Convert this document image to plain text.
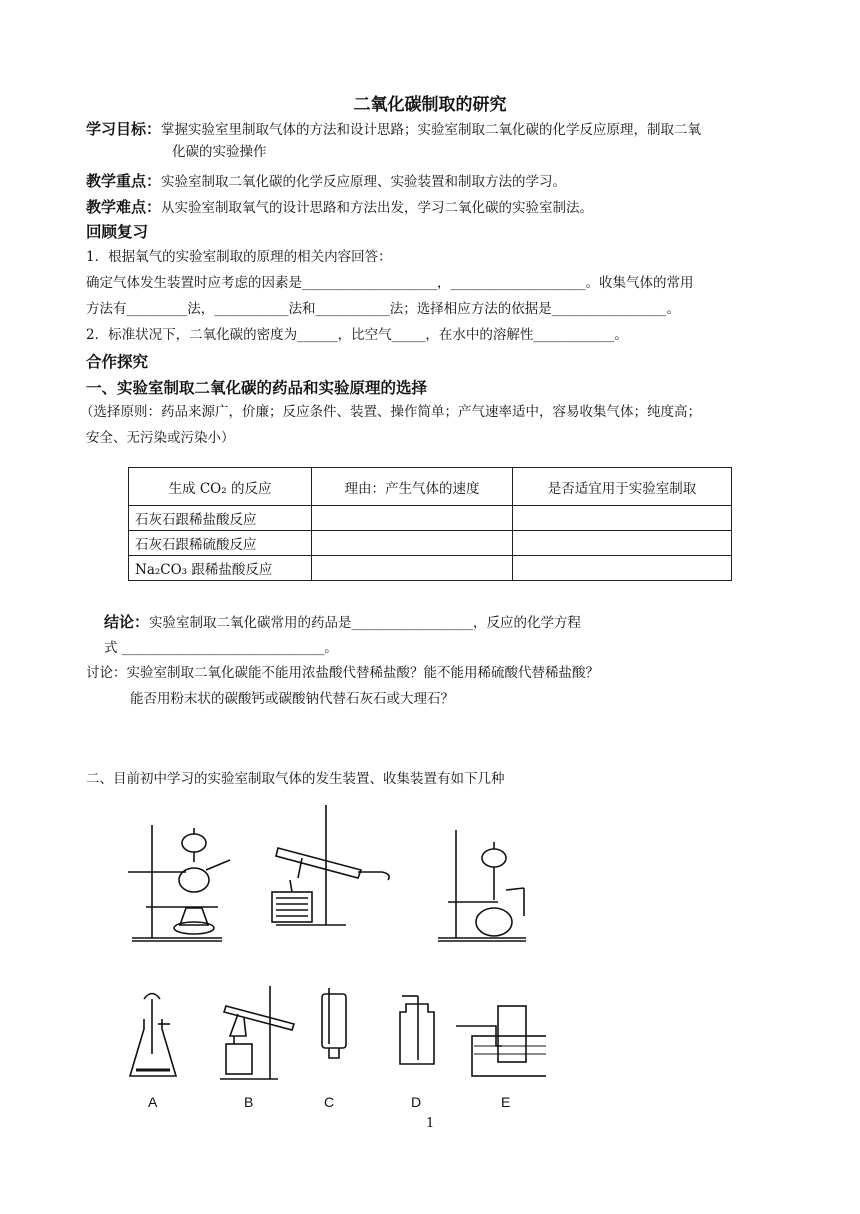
二氧化碳制取的研究
学习目标：掌握实验室里制取气体的方法和设计思路；实验室制取二氧化碳的化学反应原理，制取二氧
化碳的实验操作
教学重点：实验室制取二氧化碳的化学反应原理、实验装置和制取方法的学习。
教学难点：从实验室制取氧气的设计思路和方法出发，学习二氧化碳的实验室制法。
回顾复习
1．根据氧气的实验室制取的原理的相关内容回答：
确定气体发生装置时应考虑的因素是____________________，____________________。收集气体的常用
方法有_________法，___________法和___________法；选择相应方法的依据是_________________。
2．标准状况下，二氧化碳的密度为______，比空气_____，在水中的溶解性____________。
合作探究
一、实验室制取二氧化碳的药品和实验原理的选择
（选择原则：药品来源广，价廉；反应条件、装置、操作简单；产气速率适中，容易收集气体；纯度高；
安全、无污染或污染小）
生成 CO₂ 的反应	理由：产生气体的速度	是否适宜用于实验室制取
石灰石跟稀盐酸反应		
石灰石跟稀硫酸反应		
Na₂CO₃ 跟稀盐酸反应		
结论：实验室制取二氧化碳常用的药品是__________________，反应的化学方程
式 ______________________________。
讨论：实验室制取二氧化碳能不能用浓盐酸代替稀盐酸？能不能用稀硫酸代替稀盐酸？
能否用粉末状的碳酸钙或碳酸钠代替石灰石或大理石？
二、目前初中学习的实验室制取气体的发生装置、收集装置有如下几种
A	B	C	D	E
1
